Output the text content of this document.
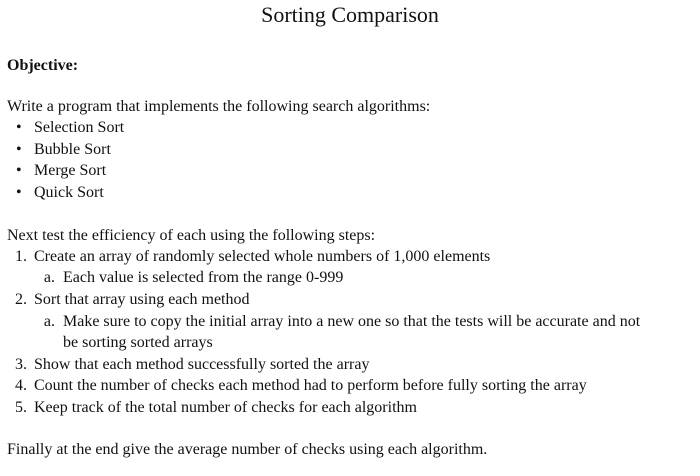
Sorting Comparison
Objective:
Write a program that implements the following search algorithms:
• Selection Sort
• Bubble Sort
• Merge Sort
• Quick Sort
Next test the efficiency of each using the following steps:
1. Create an array of randomly selected whole numbers of 1,000 elements
a. Each value is selected from the range 0-999
2. Sort that array using each method
a. Make sure to copy the initial array into a new one so that the tests will be accurate and not
be sorting sorted arrays
3. Show that each method successfully sorted the array
4. Count the number of checks each method had to perform before fully sorting the array
5. Keep track of the total number of checks for each algorithm
Finally at the end give the average number of checks using each algorithm.
